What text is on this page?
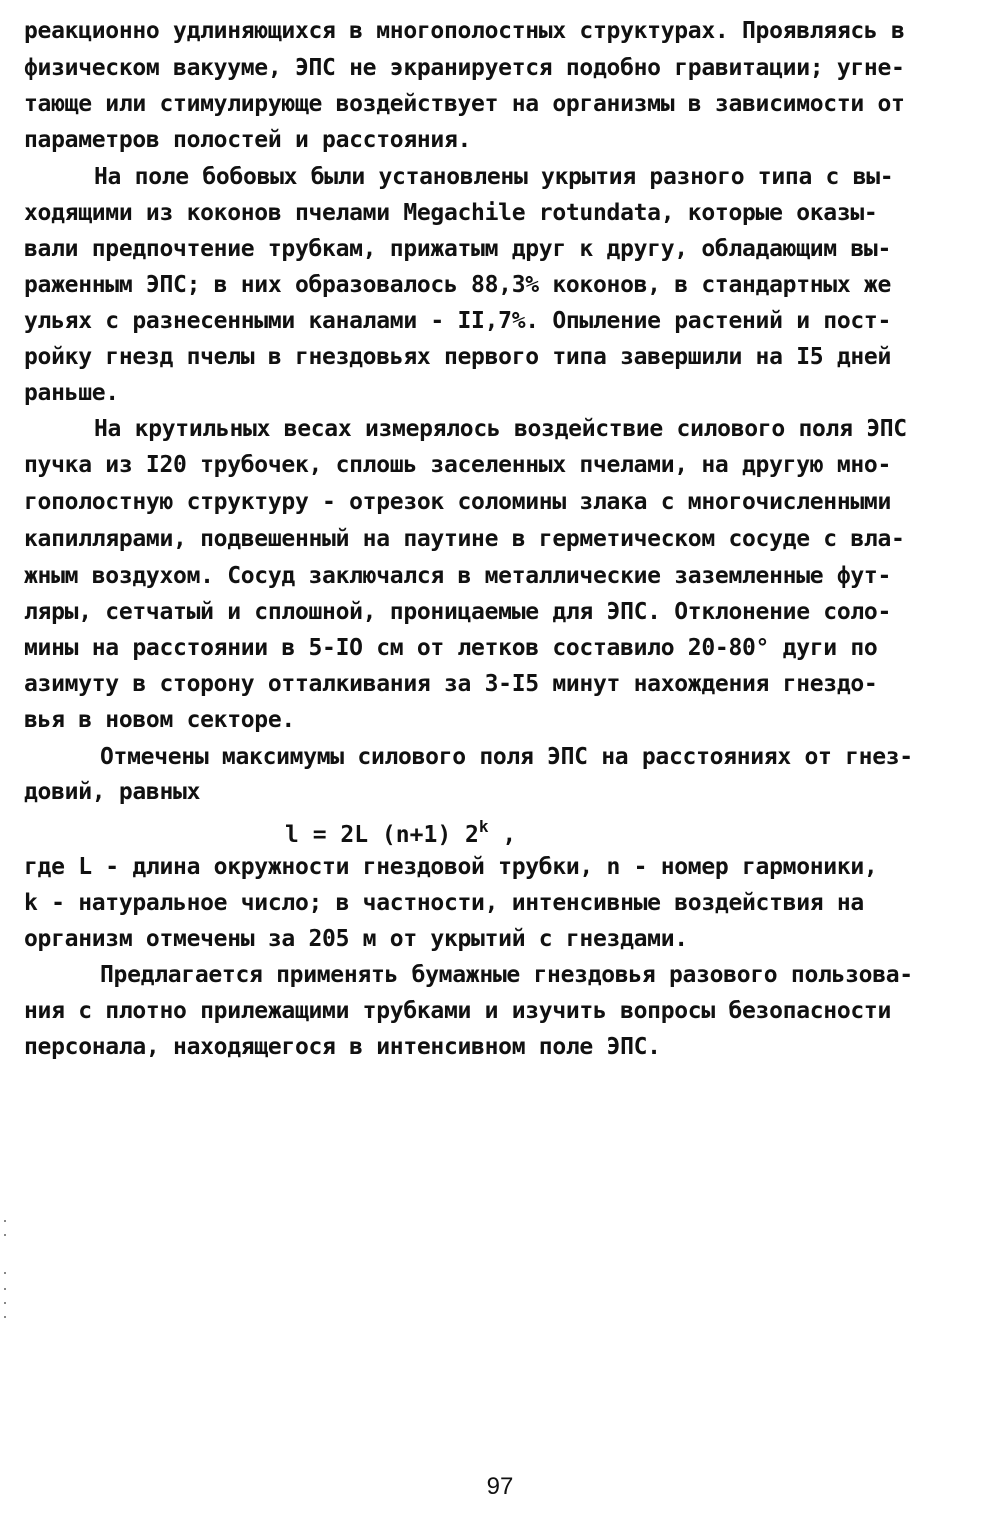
реакционно удлиняющихся в многополостных структурах. Проявляясь в
физическом вакууме, ЭПС не экранируется подобно гравитации; угне-
тающе или стимулирующе воздействует на организмы в зависимости от
параметров полостей и расстояния.
На поле бобовых были установлены укрытия разного типа с вы-
ходящими из коконов пчелами Megachile rotundata, которые оказы-
вали предпочтение трубкам, прижатым друг к другу, обладающим вы-
раженным ЭПС; в них образовалось 88,3% коконов, в стандартных же
ульях с разнесенными каналами - II,7%. Опыление растений и пост-
ройку гнезд пчелы в гнездовьях первого типа завершили на I5 дней
раньше.
На крутильных весах измерялось воздействие силового поля ЭПС
пучка из I20 трубочек, сплошь заселенных пчелами, на другую мно-
гополостную структуру - отрезок соломины злака с многочисленными
капиллярами, подвешенный на паутине в герметическом сосуде с вла-
жным воздухом. Сосуд заключался в металлические заземленные фут-
ляры, сетчатый и сплошной, проницаемые для ЭПС. Отклонение соло-
мины на расстоянии в 5-IO см от летков составило 20-80° дуги по
азимуту в сторону отталкивания за 3-I5 минут нахождения гнездо-
вья в новом секторе.
Отмечены максимумы силового поля ЭПС на расстояниях от гнез-
довий, равных
l = 2L (n+1) 2$^k$ ,
где L - длина окружности гнездовой трубки, n - номер гармоники,
k - натуральное число; в частности, интенсивные воздействия на
организм отмечены за 205 м от укрытий с гнездами.
Предлагается применять бумажные гнездовья разового пользова-
ния с плотно прилежащими трубками и изучить вопросы безопасности
персонала, находящегося в интенсивном поле ЭПС.
97
